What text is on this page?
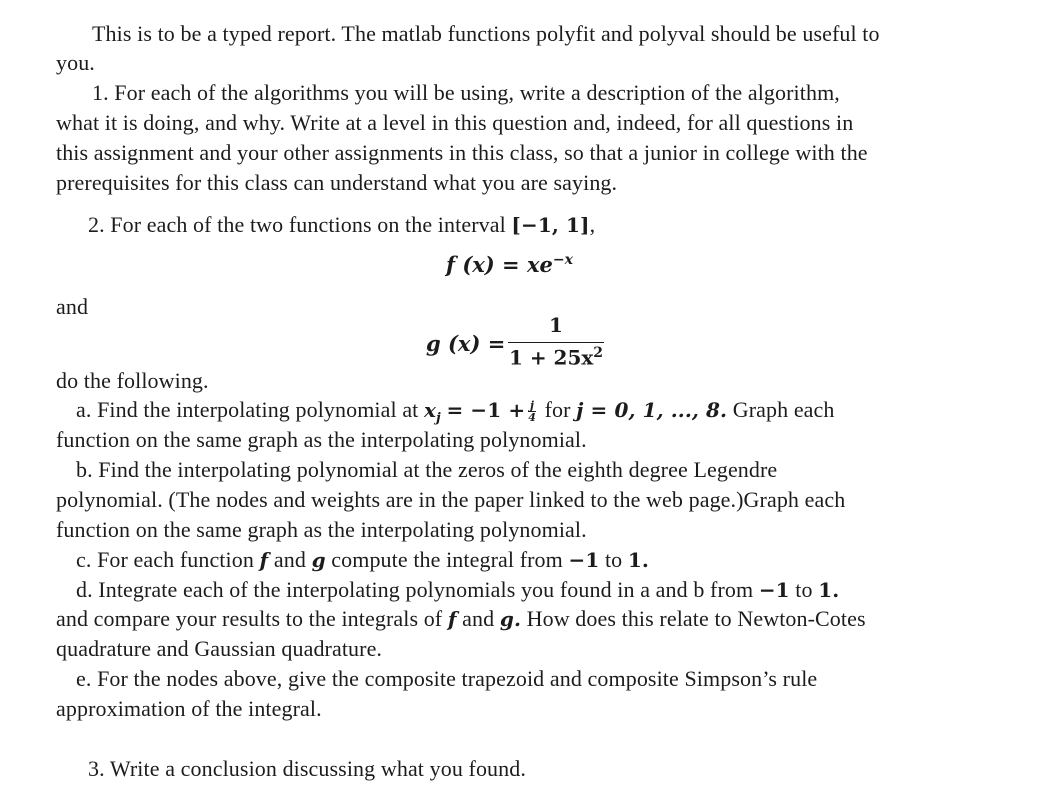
This is to be a typed report. The matlab functions polyfit and polyval should be useful to
you.
1. For each of the algorithms you will be using, write a description of the algorithm,
what it is doing, and why. Write at a level in this question and, indeed, for all questions in
this assignment and your other assignments in this class, so that a junior in college with the
prerequisites for this class can understand what you are saying.
2. For each of the two functions on the interval [−1, 1],
f $(x) = xe^{-x}$
and
g (x) =
1
$1 + 25x^2$
do the following.
a. Find the interpolating polynomial at $x_j = -1 + \frac{j}{4}$ for j = 0, 1, ..., 8. Graph each
function on the same graph as the interpolating polynomial.
b. Find the interpolating polynomial at the zeros of the eighth degree Legendre
polynomial. (The nodes and weights are in the paper linked to the web page.)Graph each
function on the same graph as the interpolating polynomial.
c. For each function f and g compute the integral from −1 to 1.
d. Integrate each of the interpolating polynomials you found in a and b from −1 to 1.
and compare your results to the integrals of f and g. How does this relate to Newton-Cotes
quadrature and Gaussian quadrature.
e. For the nodes above, give the composite trapezoid and composite Simpson’s rule
approximation of the integral.
3. Write a conclusion discussing what you found.
